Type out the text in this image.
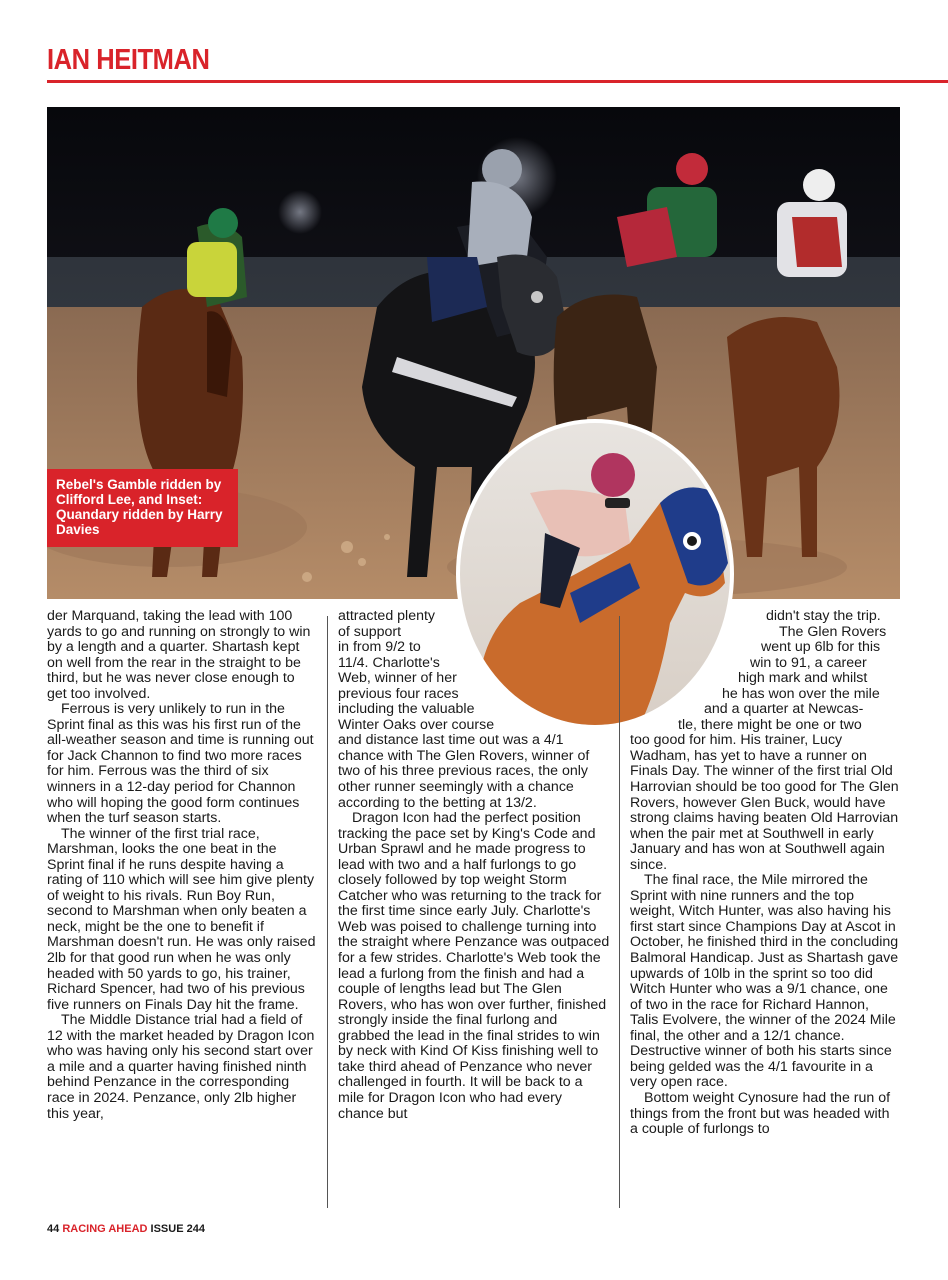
IAN HEITMAN
Rebel's Gamble ridden by Clifford Lee, and Inset: Quandary ridden by Harry Davies

der Marquand, taking the lead with 100 yards to go and running on strongly to win by a length and a quarter. Shartash kept on well from the rear in the straight to be third, but he was never close enough to get too involved.

Ferrous is very unlikely to run in the Sprint final as this was his first run of the all-weather season and time is running out for Jack Channon to find two more races for him. Ferrous was the third of six winners in a 12-day period for Channon who will hoping the good form continues when the turf season starts.

The winner of the first trial race, Marshman, looks the one beat in the Sprint final if he runs despite having a rating of 110 which will see him give plenty of weight to his rivals. Run Boy Run, second to Marshman when only beaten a neck, might be the one to benefit if Marshman doesn't run. He was only raised 2lb for that good run when he was only headed with 50 yards to go, his trainer, Richard Spencer, had two of his previous five runners on Finals Day hit the frame.

The Middle Distance trial had a field of 12 with the market headed by Dragon Icon who was having only his second start over a mile and a quarter having finished ninth behind Penzance in the corresponding race in 2024. Penzance, only 2lb higher this year,

attracted plenty
of support
in from 9/2 to
11/4. Charlotte's
Web, winner of her
previous four races
including the valuable
Winter Oaks over course

and distance last time out was a 4/1 chance with The Glen Rovers, winner of two of his three previous races, the only other runner seemingly with a chance according to the betting at 13/2.

Dragon Icon had the perfect position tracking the pace set by King's Code and Urban Sprawl and he made progress to lead with two and a half furlongs to go closely followed by top weight Storm Catcher who was returning to the track for the first time since early July. Charlotte's Web was poised to challenge turning into the straight where Penzance was outpaced for a few strides. Charlotte's Web took the lead a furlong from the finish and had a couple of lengths lead but The Glen Rovers, who has won over further, finished strongly inside the final furlong and grabbed the lead in the final strides to win by neck with Kind Of Kiss finishing well to take third ahead of Penzance who never challenged in fourth. It will be back to a mile for Dragon Icon who had every chance but

didn't stay the trip.
The Glen Rovers
went up 6lb for this
win to 91, a career
high mark and whilst
he has won over the mile
and a quarter at Newcas-
tle, there might be one or two

too good for him. His trainer, Lucy Wadham, has yet to have a runner on Finals Day. The winner of the first trial Old Harrovian should be too good for The Glen Rovers, however Glen Buck, would have strong claims having beaten Old Harrovian when the pair met at Southwell in early January and has won at Southwell again since.

The final race, the Mile mirrored the Sprint with nine runners and the top weight, Witch Hunter, was also having his first start since Champions Day at Ascot in October, he finished third in the concluding Balmoral Handicap. Just as Shartash gave upwards of 10lb in the sprint so too did Witch Hunter who was a 9/1 chance, one of two in the race for Richard Hannon, Talis Evolvere, the winner of the 2024 Mile final, the other and a 12/1 chance. Destructive winner of both his starts since being gelded was the 4/1 favourite in a very open race.

Bottom weight Cynosure had the run of things from the front but was headed with a couple of furlongs to

44 RACING AHEAD ISSUE 244
